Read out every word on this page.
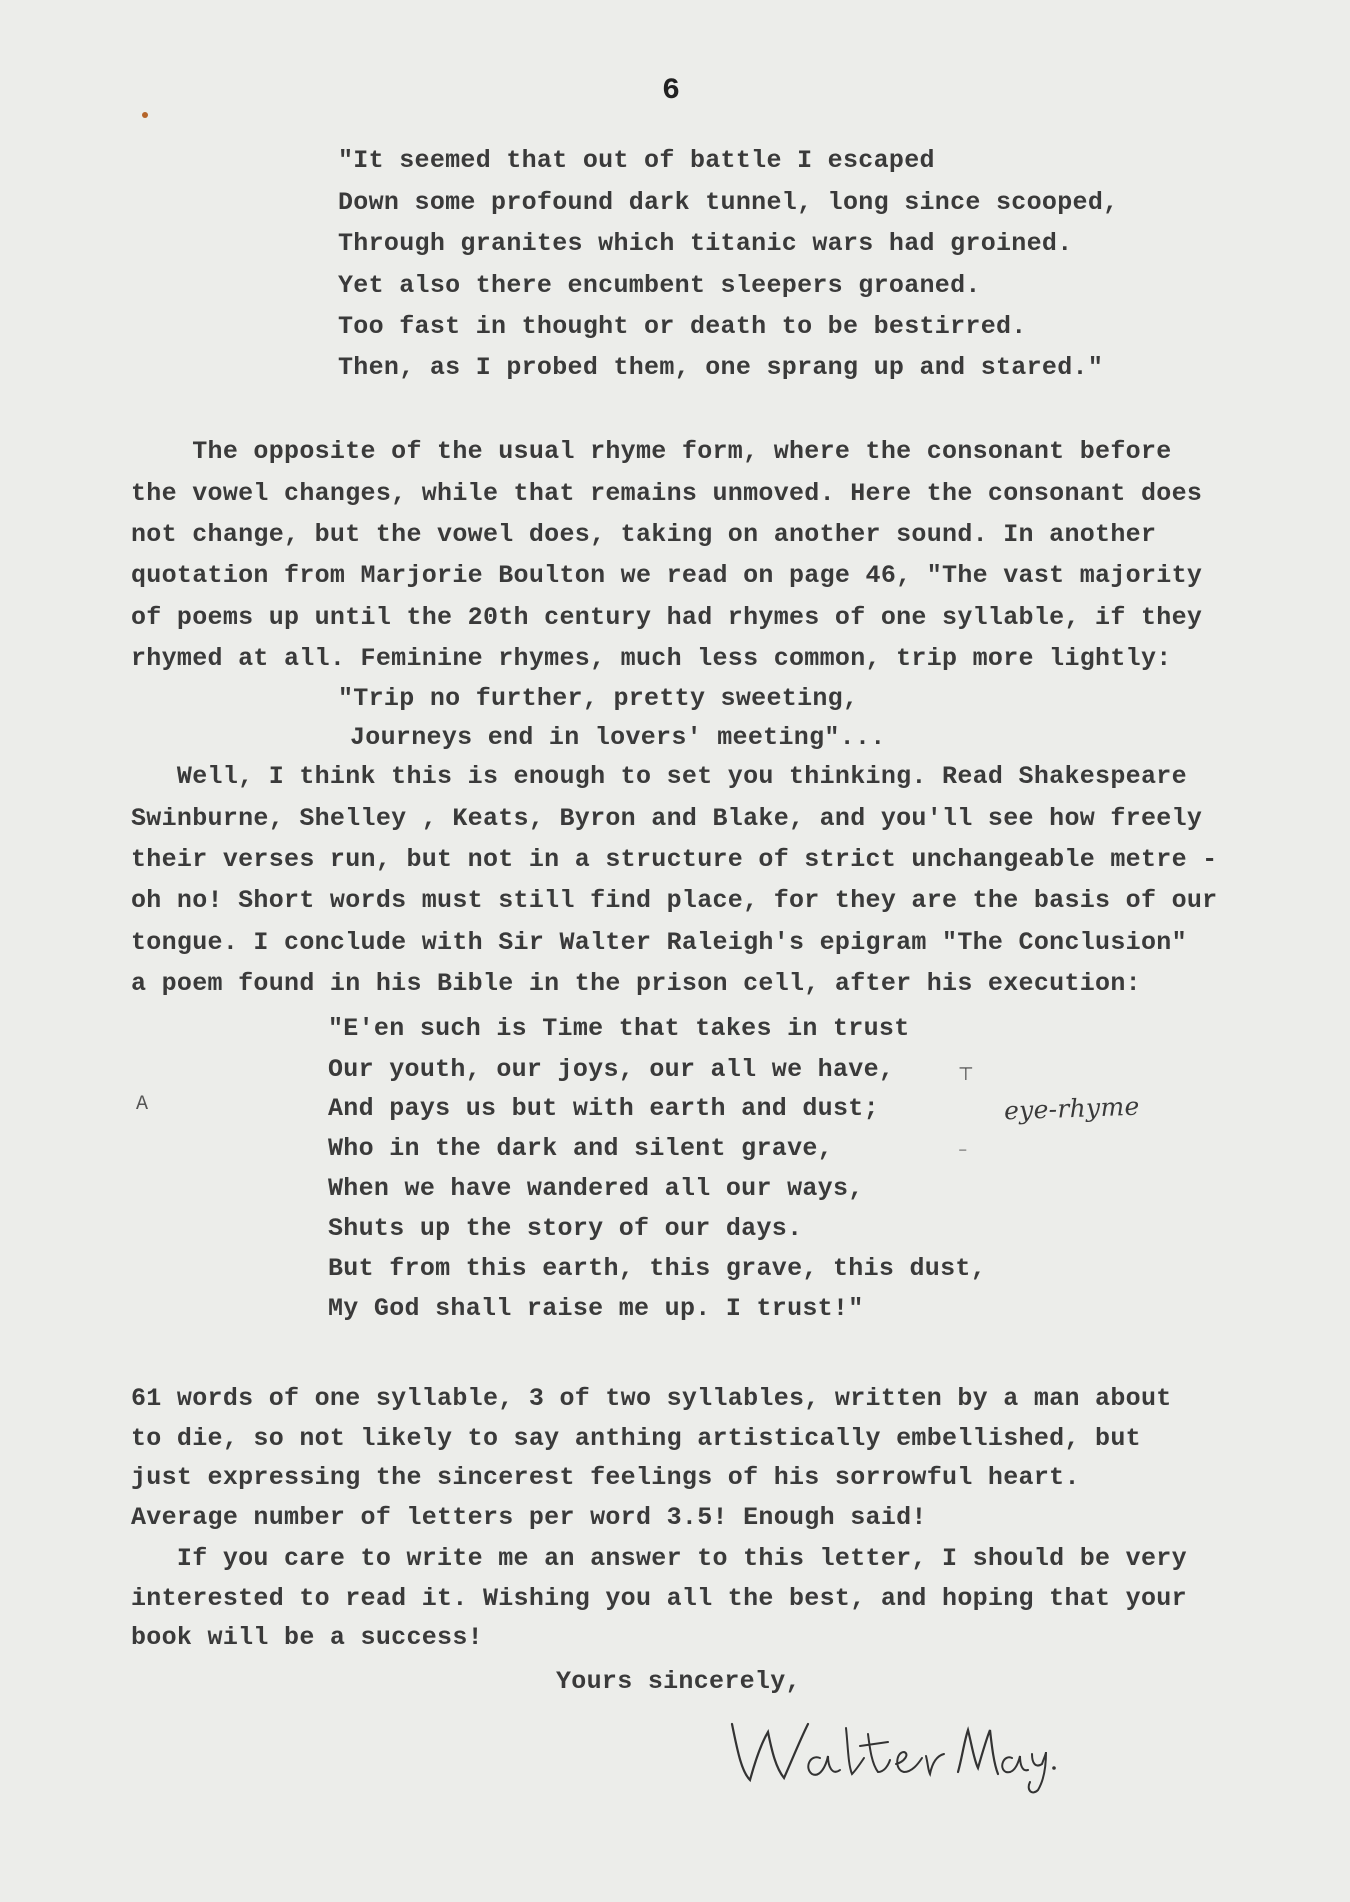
6
"It seemed that out of battle I escaped
Down some profound dark tunnel, long since scooped,
Through granites which titanic wars had groined.
Yet also there encumbent sleepers groaned.
Too fast in thought or death to be bestirred.
Then, as I probed them, one sprang up and stared."
The opposite of the usual rhyme form, where the consonant before
the vowel changes, while that remains unmoved. Here the consonant does
not change, but the vowel does, taking on another sound. In another
quotation from Marjorie Boulton we read on page 46, "The vast majority
of poems up until the 20th century had rhymes of one syllable, if they
rhymed at all. Feminine rhymes, much less common, trip more lightly:
"Trip no further, pretty sweeting,
Journeys end in lovers' meeting"...
Well, I think this is enough to set you thinking. Read Shakespeare
Swinburne, Shelley , Keats, Byron and Blake, and you'll see how freely
their verses run, but not in a structure of strict unchangeable metre -
oh no! Short words must still find place, for they are the basis of our
tongue. I conclude with Sir Walter Raleigh's epigram "The Conclusion"
a poem found in his Bible in the prison cell, after his execution:
"E'en such is Time that takes in trust
Our youth, our joys, our all we have,
And pays us but with earth and dust;
Who in the dark and silent grave,
When we have wandered all our ways,
Shuts up the story of our days.
But from this earth, this grave, this dust,
My God shall raise me up. I trust!"
A
⊤
⁻
eye-rhyme
61 words of one syllable, 3 of two syllables, written by a man about
to die, so not likely to say anthing artistically embellished, but
just expressing the sincerest feelings of his sorrowful heart.
Average number of letters per word 3.5! Enough said!
If you care to write me an answer to this letter, I should be very
interested to read it. Wishing you all the best, and hoping that your
book will be a success!
Yours sincerely,
